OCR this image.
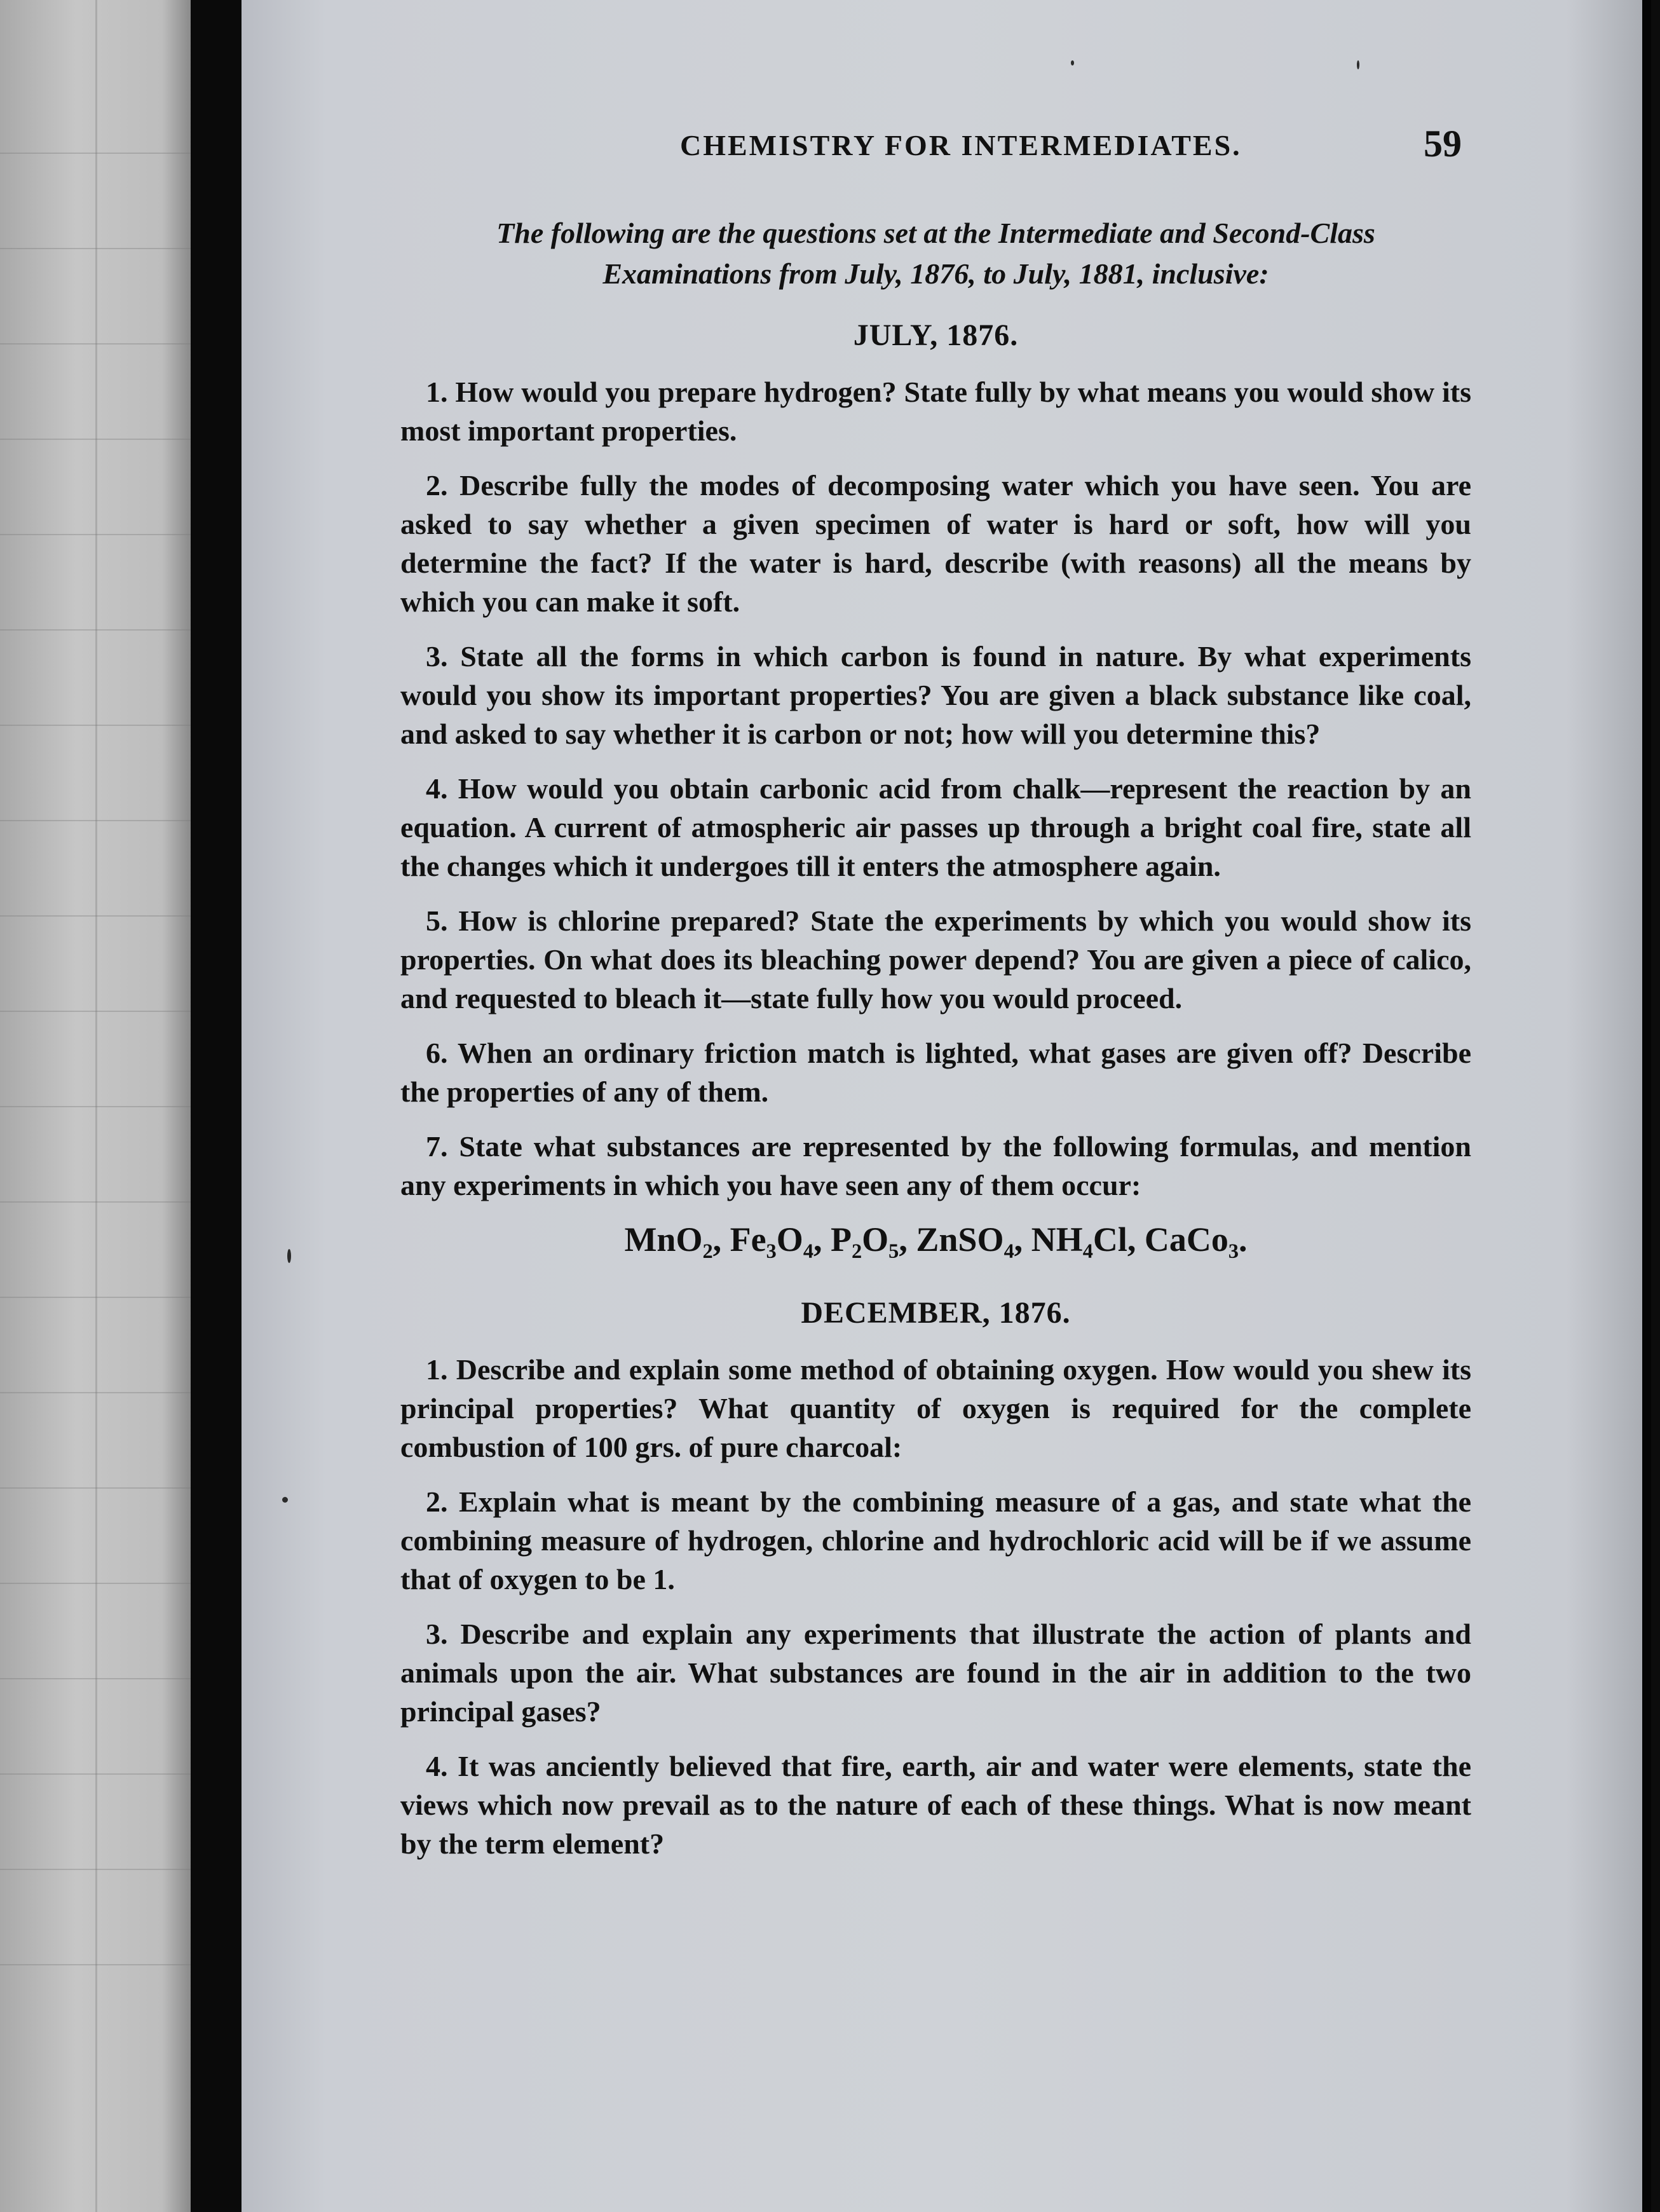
CHEMISTRY FOR INTERMEDIATES.	59
The following are the questions set at the Intermediate and Second-Class
Examinations from July, 1876, to July, 1881, inclusive:
JULY, 1876.

1. How would you prepare hydrogen? State fully by what means you would show its most important properties.

2. Describe fully the modes of decomposing water which you have seen. You are asked to say whether a given specimen of water is hard or soft, how will you determine the fact? If the water is hard, describe (with reasons) all the means by which you can make it soft.

3. State all the forms in which carbon is found in nature. By what experiments would you show its important properties? You are given a black substance like coal, and asked to say whether it is carbon or not; how will you determine this?

4. How would you obtain carbonic acid from chalk—represent the reaction by an equation. A current of atmospheric air passes up through a bright coal fire, state all the changes which it undergoes till it enters the atmosphere again.

5. How is chlorine prepared? State the experiments by which you would show its properties. On what does its bleaching power depend? You are given a piece of calico, and requested to bleach it—state fully how you would proceed.

6. When an ordinary friction match is lighted, what gases are given off? Describe the properties of any of them.

7. State what substances are represented by the following formulas, and mention any experiments in which you have seen any of them occur:

MnO₂, Fe₃O₄, P₂O₅, ZnSO₄, NH₄Cl, CaCo₃.
DECEMBER, 1876.

1. Describe and explain some method of obtaining oxygen. How would you shew its principal properties? What quantity of oxygen is required for the complete combustion of 100 grs. of pure charcoal:

2. Explain what is meant by the combining measure of a gas, and state what the combining measure of hydrogen, chlorine and hydrochloric acid will be if we assume that of oxygen to be 1.

3. Describe and explain any experiments that illustrate the action of plants and animals upon the air. What substances are found in the air in addition to the two principal gases?

4. It was anciently believed that fire, earth, air and water were elements, state the views which now prevail as to the nature of each of these things. What is now meant by the term element?
